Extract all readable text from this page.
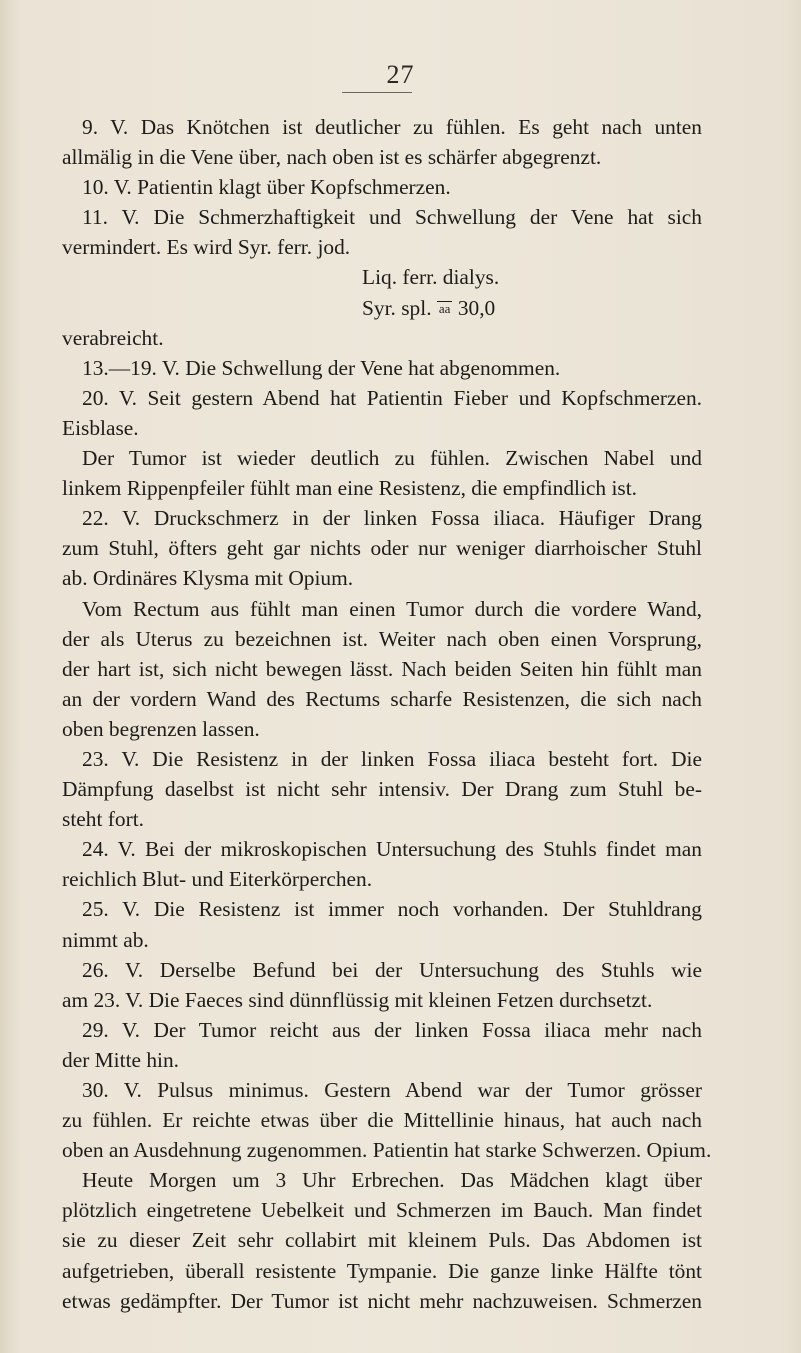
27
9. V. Das Knötchen ist deutlicher zu fühlen. Es geht nach unten
allmälig in die Vene über, nach oben ist es schärfer abgegrenzt.
10. V. Patientin klagt über Kopfschmerzen.
11. V. Die Schmerzhaftigkeit und Schwellung der Vene hat sich
vermindert. Es wird Syr. ferr. jod.
Liq. ferr. dialys.
Syr. spl. aa 30,0
verabreicht.
13.—19. V. Die Schwellung der Vene hat abgenommen.
20. V. Seit gestern Abend hat Patientin Fieber und Kopfschmerzen.
Eisblase.
Der Tumor ist wieder deutlich zu fühlen. Zwischen Nabel und
linkem Rippenpfeiler fühlt man eine Resistenz, die empfindlich ist.
22. V. Druckschmerz in der linken Fossa iliaca. Häufiger Drang
zum Stuhl, öfters geht gar nichts oder nur weniger diarrhoischer Stuhl
ab. Ordinäres Klysma mit Opium.
Vom Rectum aus fühlt man einen Tumor durch die vordere Wand,
der als Uterus zu bezeichnen ist. Weiter nach oben einen Vorsprung,
der hart ist, sich nicht bewegen lässt. Nach beiden Seiten hin fühlt man
an der vordern Wand des Rectums scharfe Resistenzen, die sich nach
oben begrenzen lassen.
23. V. Die Resistenz in der linken Fossa iliaca besteht fort. Die
Dämpfung daselbst ist nicht sehr intensiv. Der Drang zum Stuhl be-
steht fort.
24. V. Bei der mikroskopischen Untersuchung des Stuhls findet man
reichlich Blut- und Eiterkörperchen.
25. V. Die Resistenz ist immer noch vorhanden. Der Stuhldrang
nimmt ab.
26. V. Derselbe Befund bei der Untersuchung des Stuhls wie
am 23. V. Die Faeces sind dünnflüssig mit kleinen Fetzen durchsetzt.
29. V. Der Tumor reicht aus der linken Fossa iliaca mehr nach
der Mitte hin.
30. V. Pulsus minimus. Gestern Abend war der Tumor grösser
zu fühlen. Er reichte etwas über die Mittellinie hinaus, hat auch nach
oben an Ausdehnung zugenommen. Patientin hat starke Schwerzen. Opium.
Heute Morgen um 3 Uhr Erbrechen. Das Mädchen klagt über
plötzlich eingetretene Uebelkeit und Schmerzen im Bauch. Man findet
sie zu dieser Zeit sehr collabirt mit kleinem Puls. Das Abdomen ist
aufgetrieben, überall resistente Tympanie. Die ganze linke Hälfte tönt
etwas gedämpfter. Der Tumor ist nicht mehr nachzuweisen. Schmerzen
